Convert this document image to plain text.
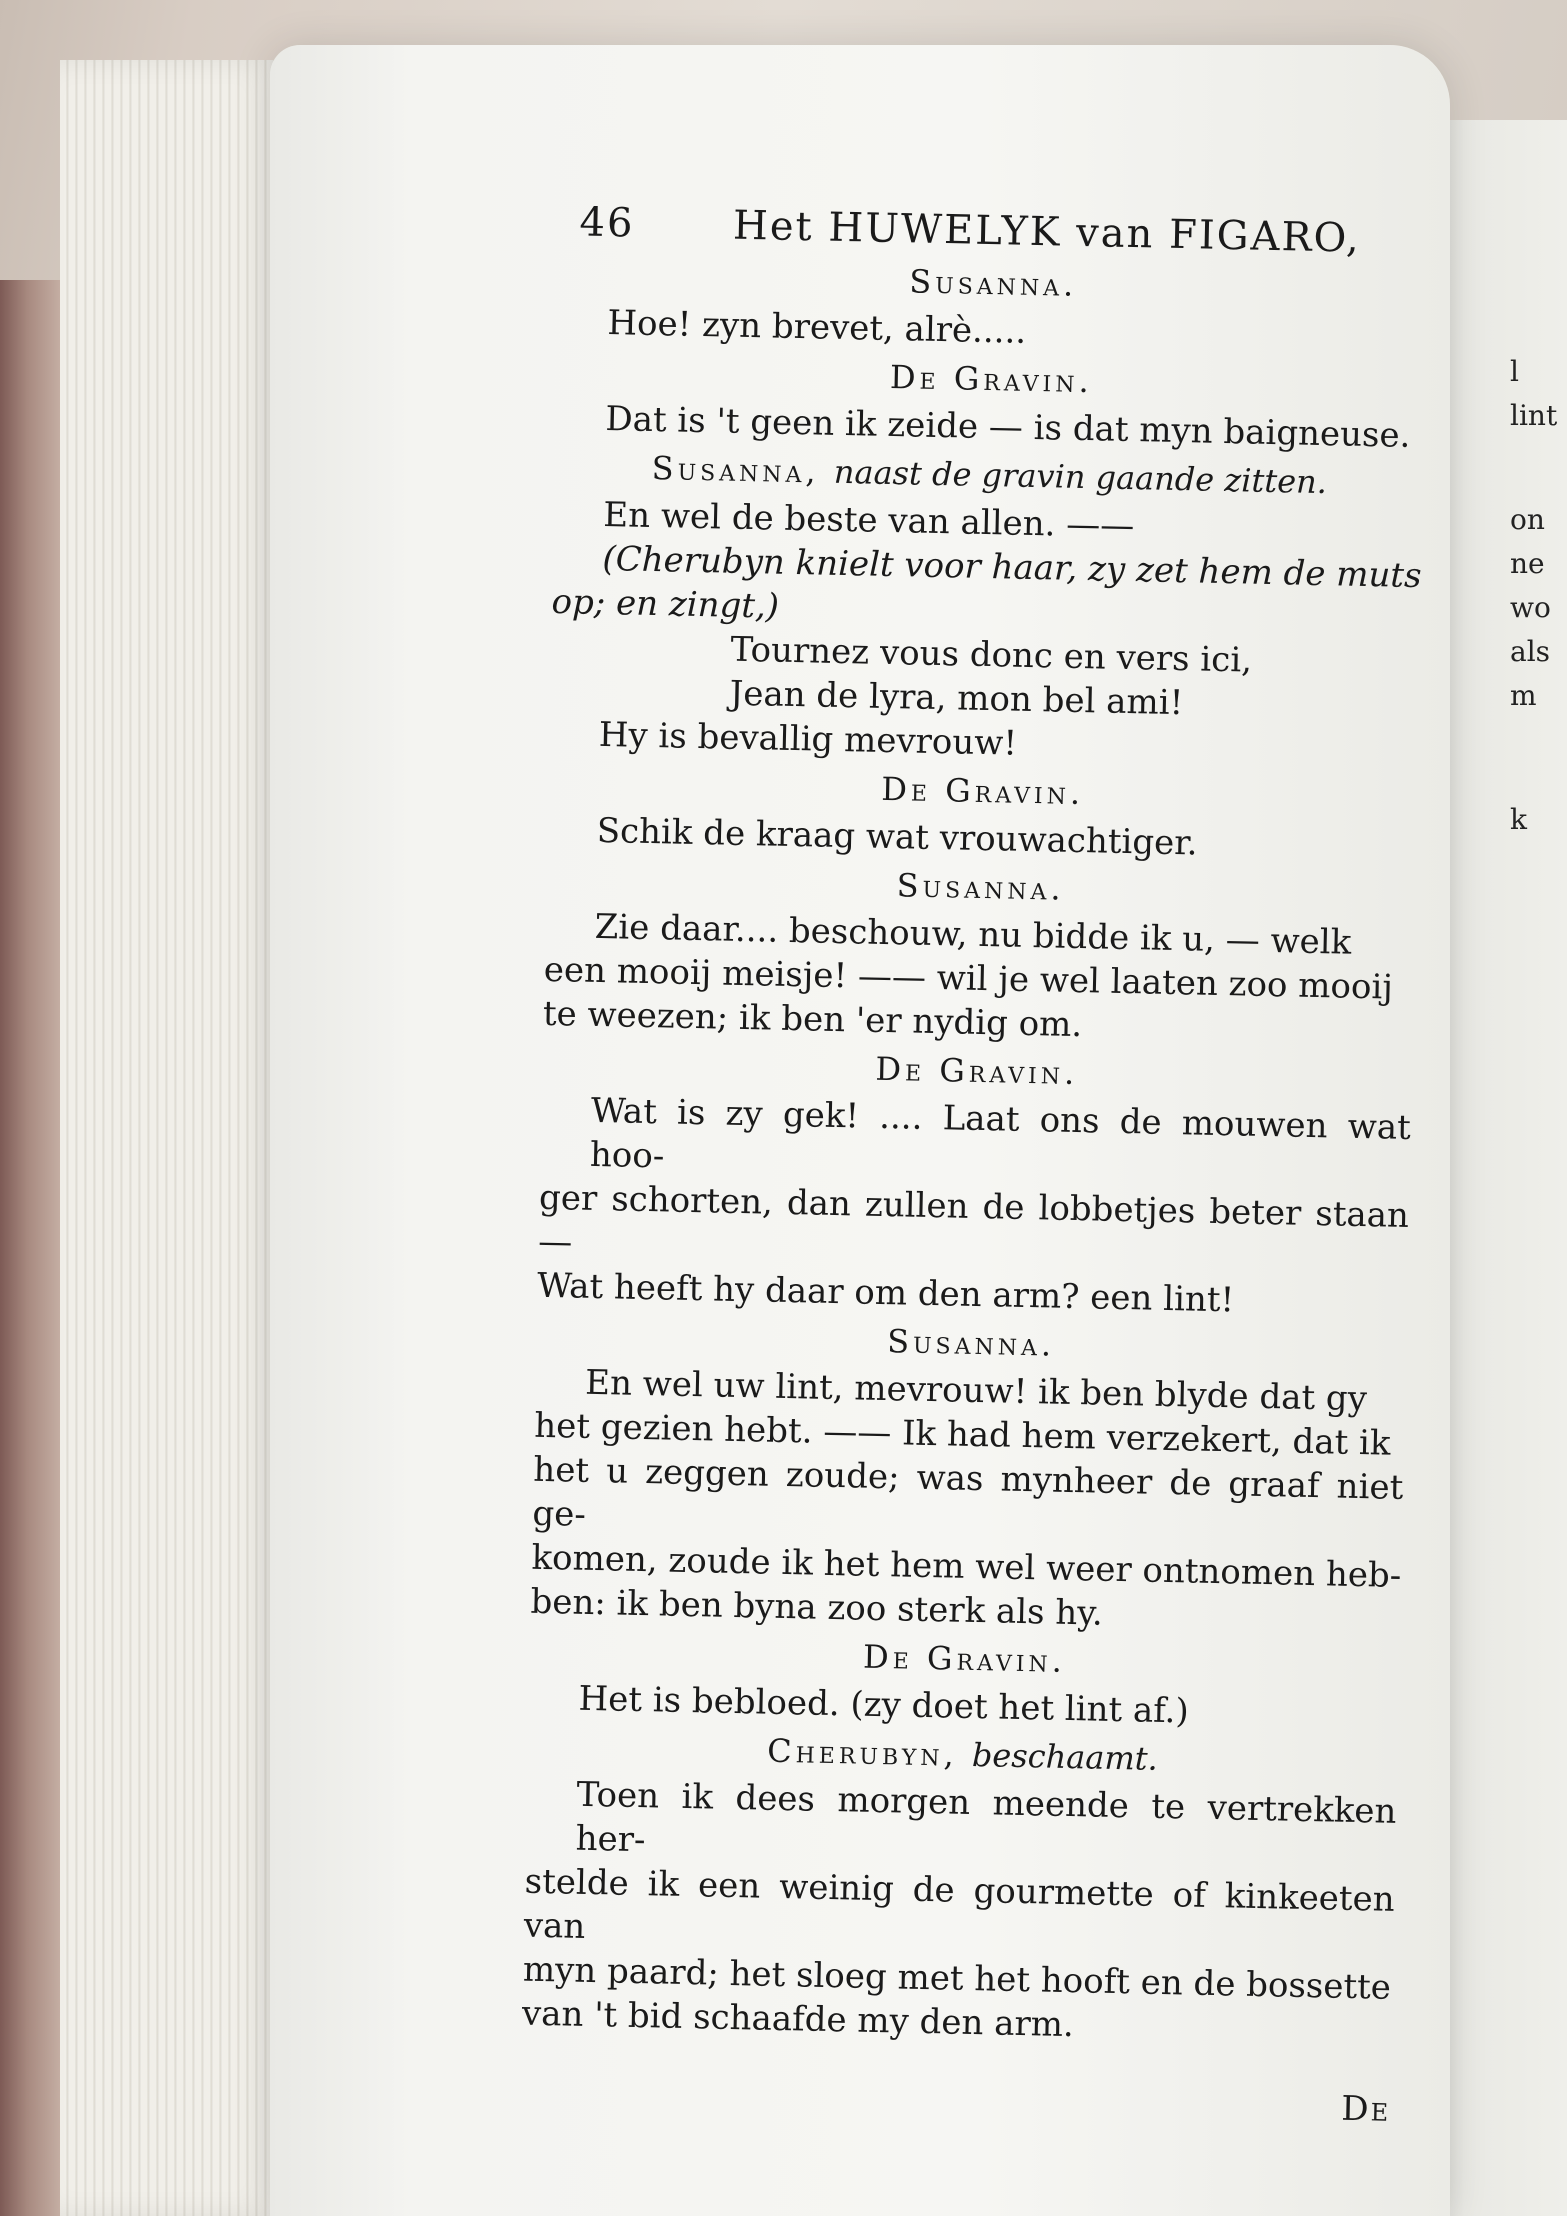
l
lint
on
ne
wo
als
m
k
46 Het HUWELYK van FIGARO,
Susanna.
Hoe! zyn brevet, alrè.....
De Gravin.
Dat is 't geen ik zeide — is dat myn baigneuse.
Susanna, naast de gravin gaande zitten.
En wel de beste van allen. ——
(Cherubyn knielt voor haar, zy zet hem de muts
op; en zingt,)
Tournez vous donc en vers ici,
Jean de lyra, mon bel ami!
Hy is bevallig mevrouw!
De Gravin.
Schik de kraag wat vrouwachtiger.
Susanna.
Zie daar.... beschouw, nu bidde ik u, — welk
een mooij meisje! —— wil je wel laaten zoo mooij
te weezen; ik ben 'er nydig om.
De Gravin.
Wat is zy gek! .... Laat ons de mouwen wat hoo-
ger schorten, dan zullen de lobbetjes beter staan —
Wat heeft hy daar om den arm? een lint!
Susanna.
En wel uw lint, mevrouw! ik ben blyde dat gy
het gezien hebt. —— Ik had hem verzekert, dat ik
het u zeggen zoude; was mynheer de graaf niet ge-
komen, zoude ik het hem wel weer ontnomen heb-
ben: ik ben byna zoo sterk als hy.
De Gravin.
Het is bebloed. (zy doet het lint af.)
Cherubyn, beschaamt.
Toen ik dees morgen meende te vertrekken her-
stelde ik een weinig de gourmette of kinkeeten van
myn paard; het sloeg met het hooft en de bossette
van 't bid schaafde my den arm.
De
